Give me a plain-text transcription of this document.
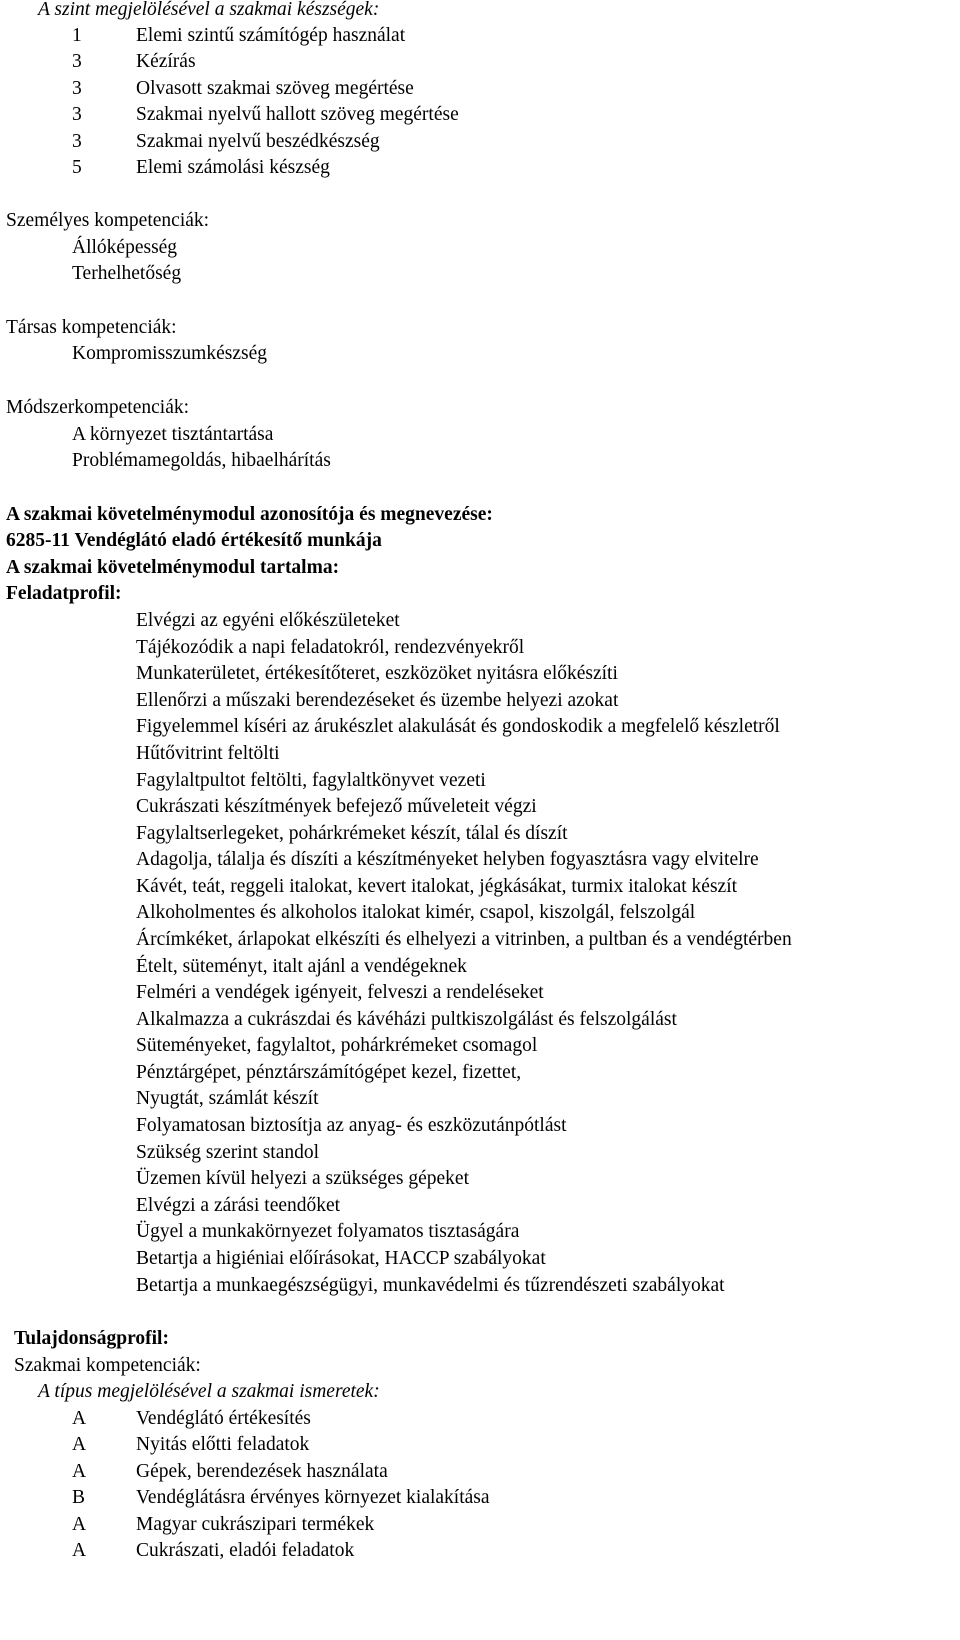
A szint megjelölésével a szakmai készségek:
1	Elemi szintű számítógép használat
3	Kézírás
3	Olvasott szakmai szöveg megértése
3	Szakmai nyelvű hallott szöveg megértése
3	Szakmai nyelvű beszédkészség
5	Elemi számolási készség
Személyes kompetenciák:
Állóképesség
Terhelhetőség
Társas kompetenciák:
Kompromisszumkészség
Módszerkompetenciák:
A környezet tisztántartása
Problémamegoldás, hibaelhárítás
A szakmai követelménymodul azonosítója és megnevezése:
6285-11 Vendéglátó eladó értékesítő munkája
A szakmai követelménymodul tartalma:
Feladatprofil:
Elvégzi az egyéni előkészületeket
Tájékozódik a napi feladatokról, rendezvényekről
Munkaterületet, értékesítőteret, eszközöket nyitásra előkészíti
Ellenőrzi a műszaki berendezéseket és üzembe helyezi azokat
Figyelemmel kíséri az árukészlet alakulását és gondoskodik a megfelelő készletről
Hűtővitrint feltölti
Fagylaltpultot feltölti, fagylaltkönyvet vezeti
Cukrászati készítmények befejező műveleteit végzi
Fagylaltserlegeket, pohárkrémeket készít, tálal és díszít
Adagolja, tálalja és díszíti a készítményeket helyben fogyasztásra vagy elvitelre
Kávét, teát, reggeli italokat, kevert italokat, jégkásákat, turmix italokat készít
Alkoholmentes és alkoholos italokat kimér, csapol, kiszolgál, felszolgál
Árcímkéket, árlapokat elkészíti és elhelyezi a vitrinben, a pultban és a vendégtérben
Ételt, süteményt, italt ajánl a vendégeknek
Felméri a vendégek igényeit, felveszi a rendeléseket
Alkalmazza a cukrászdai és kávéházi pultkiszolgálást és felszolgálást
Süteményeket, fagylaltot, pohárkrémeket csomagol
Pénztárgépet, pénztárszámítógépet kezel, fizettet,
Nyugtát, számlát készít
Folyamatosan biztosítja az anyag- és eszközutánpótlást
Szükség szerint standol
Üzemen kívül helyezi a szükséges gépeket
Elvégzi a zárási teendőket
Ügyel a munkakörnyezet folyamatos tisztaságára
Betartja a higiéniai előírásokat, HACCP szabályokat
Betartja a munkaegészségügyi, munkavédelmi és tűzrendészeti szabályokat
Tulajdonságprofil:
Szakmai kompetenciák:
A típus megjelölésével a szakmai ismeretek:
A	Vendéglátó értékesítés
A	Nyitás előtti feladatok
A	Gépek, berendezések használata
B	Vendéglátásra érvényes környezet kialakítása
A	Magyar cukrászipari termékek
A	Cukrászati, eladói feladatok
